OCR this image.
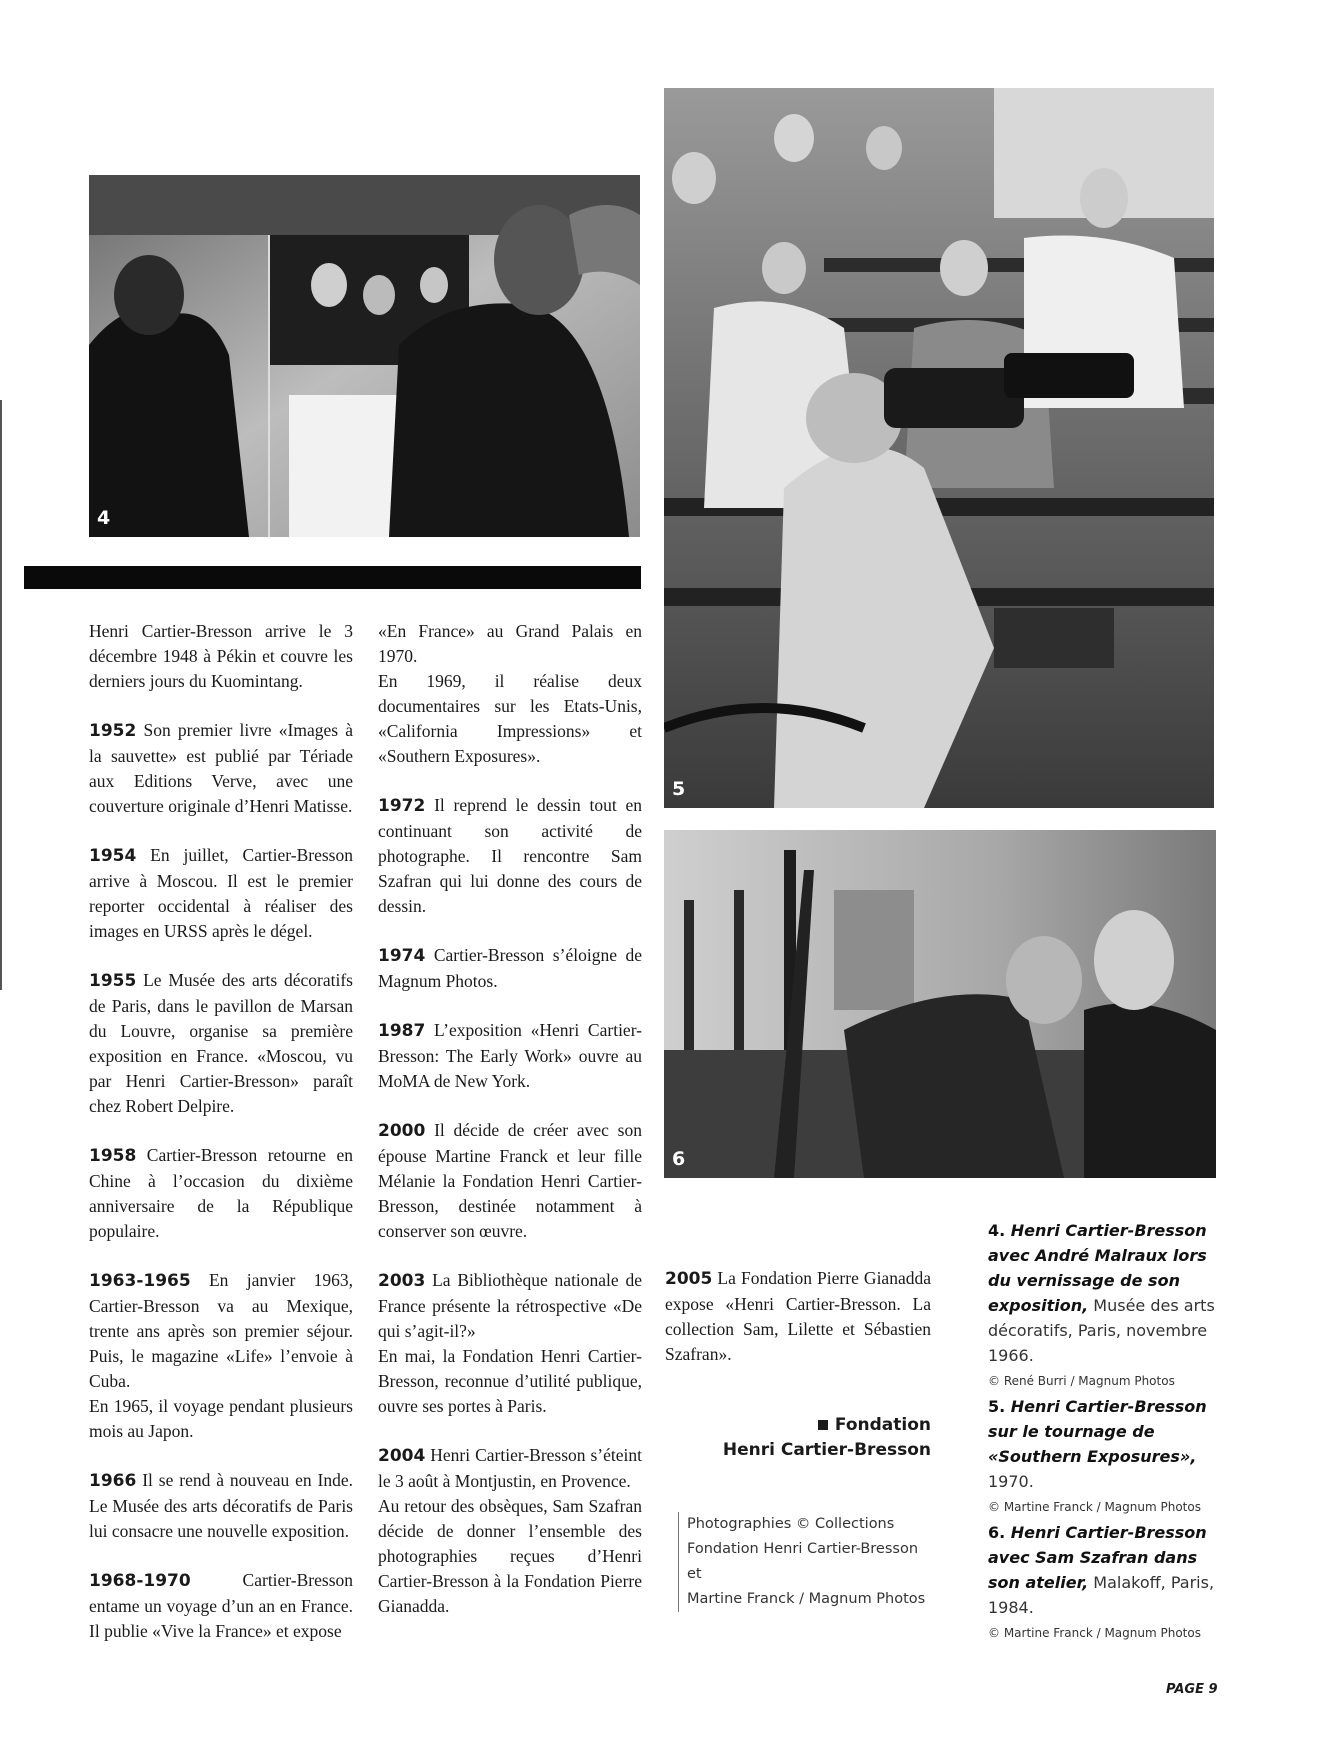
4
5
6

Henri Cartier-Bresson arrive le 3 décembre 1948 à Pékin et couvre les derniers jours du Kuomintang.

1952 Son premier livre «Images à la sauvette» est publié par Tériade aux Editions Verve, avec une couverture originale d’Henri Matisse.

1954 En juillet, Cartier-Bresson arrive à Moscou. Il est le premier reporter occidental à réaliser des images en URSS après le dégel.

1955 Le Musée des arts décoratifs de Paris, dans le pavillon de Marsan du Louvre, organise sa première exposition en France. «Moscou, vu par Henri Cartier-Bresson» paraît chez Robert Delpire.

1958 Cartier-Bresson retourne en Chine à l’occasion du dixième anniversaire de la République populaire.

1963-1965 En janvier 1963, Cartier-Bresson va au Mexique, trente ans après son premier séjour. Puis, le magazine «Life» l’envoie à Cuba.

En 1965, il voyage pendant plusieurs mois au Japon.

1966 Il se rend à nouveau en Inde. Le Musée des arts décoratifs de Paris lui consacre une nouvelle exposition.

1968-1970 Cartier-Bresson entame un voyage d’un an en France. Il publie «Vive la France» et expose

«En France» au Grand Palais en 1970.

En 1969, il réalise deux documentaires sur les Etats-Unis, «California Impressions» et «Southern Exposures».

1972 Il reprend le dessin tout en continuant son activité de photographe. Il rencontre Sam Szafran qui lui donne des cours de dessin.

1974 Cartier-Bresson s’éloigne de Magnum Photos.

1987 L’exposition «Henri Cartier-Bresson: The Early Work» ouvre au MoMA de New York.

2000 Il décide de créer avec son épouse Martine Franck et leur fille Mélanie la Fondation Henri Cartier-Bresson, destinée notamment à conserver son œuvre.

2003 La Bibliothèque nationale de France présente la rétrospective «De qui s’agit-il?»

En mai, la Fondation Henri Cartier-Bresson, reconnue d’utilité publique, ouvre ses portes à Paris.

2004 Henri Cartier-Bresson s’éteint le 3 août à Montjustin, en Provence.

Au retour des obsèques, Sam Szafran décide de donner l’ensemble des photographies reçues d’Henri Cartier-Bresson à la Fondation Pierre Gianadda.

2005 La Fondation Pierre Gianadda expose «Henri Cartier-Bresson. La collection Sam, Lilette et Sébastien Szafran».

Fondation
Henri Cartier-Bresson

Photographies © Collections

Fondation Henri Cartier-Bresson et

Martine Franck / Magnum Photos

4. Henri Cartier-Bresson avec André Malraux lors du vernissage de son exposition, Musée des arts décoratifs, Paris, novembre 1966.
© René Burri / Magnum Photos
5. Henri Cartier-Bresson sur le tournage de «Southern Exposures», 1970.
© Martine Franck / Magnum Photos
6. Henri Cartier-Bresson avec Sam Szafran dans son atelier, Malakoff, Paris, 1984.
© Martine Franck / Magnum Photos
PAGE 9
